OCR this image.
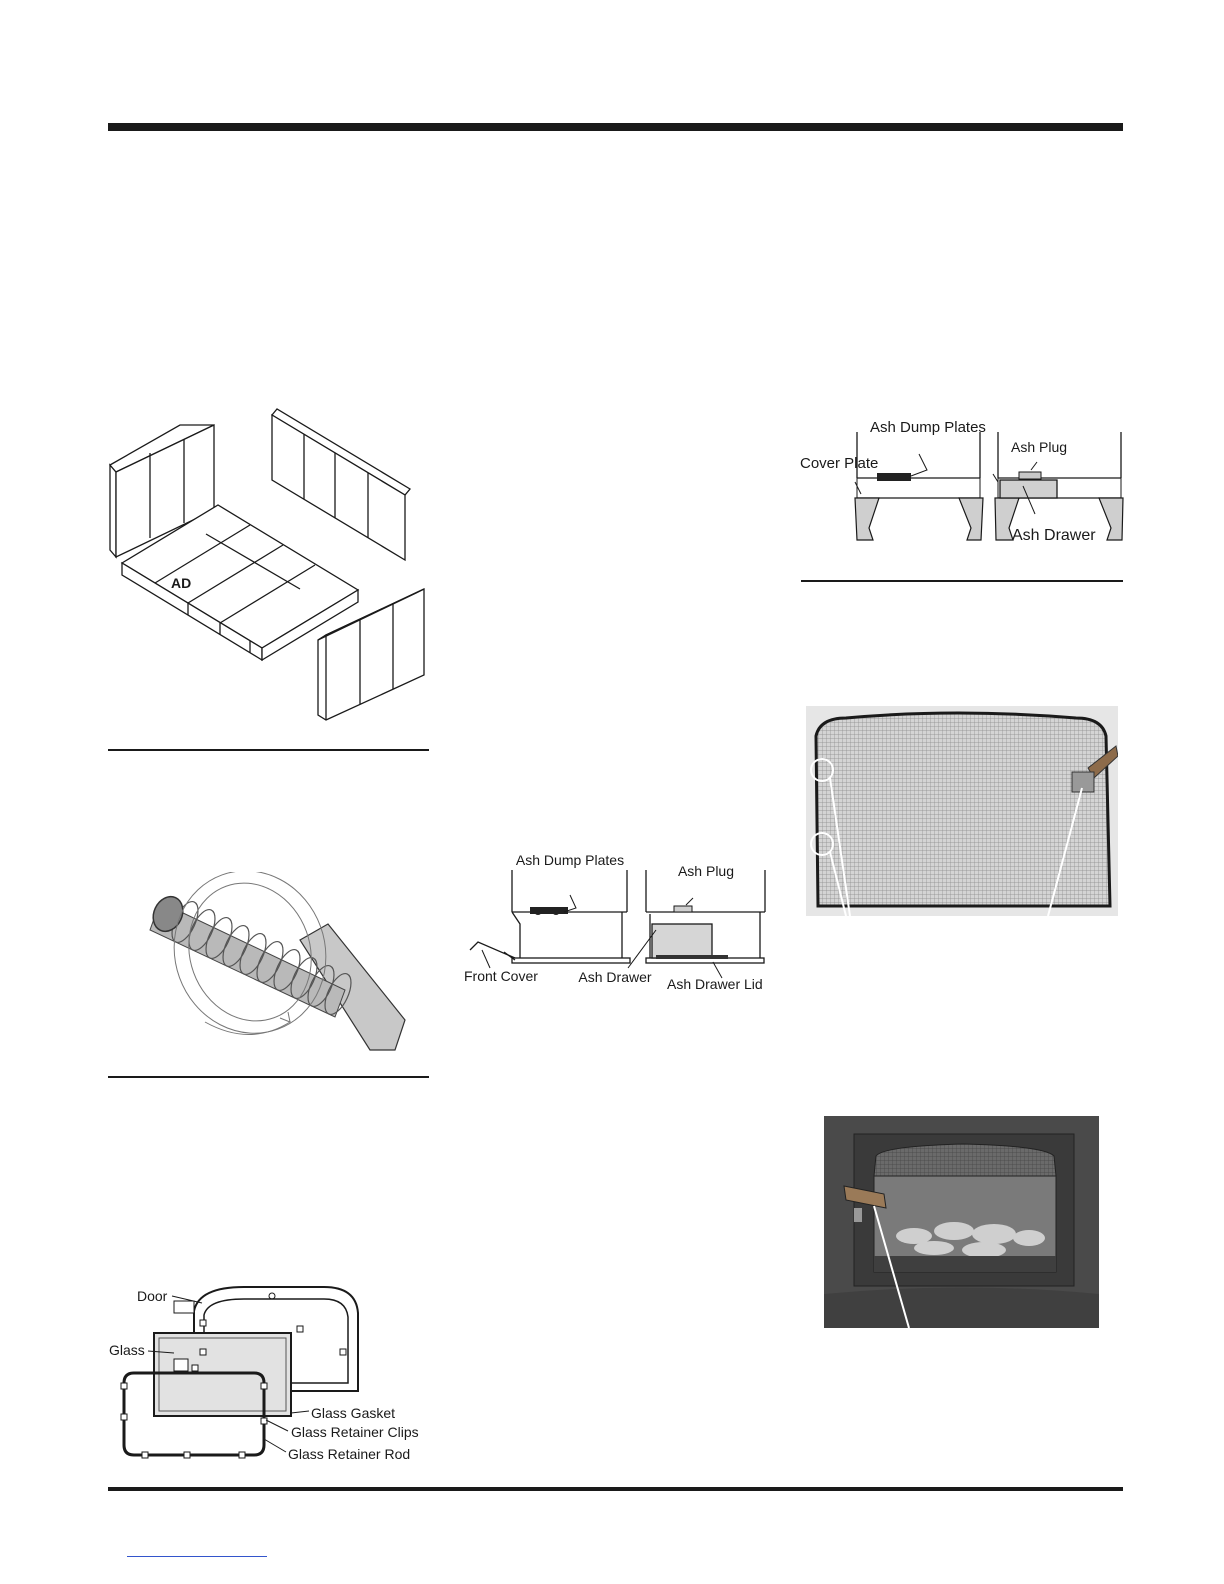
AD
Door
Glass
Glass Gasket
Glass Retainer Clips
Glass Retainer Rod
Ash Dump Plates
Ash Plug
Front Cover	Ash Drawer Ash Drawer Lid
Ash Dump Plates
Ash Plug
Cover Plate
Ash Drawer
